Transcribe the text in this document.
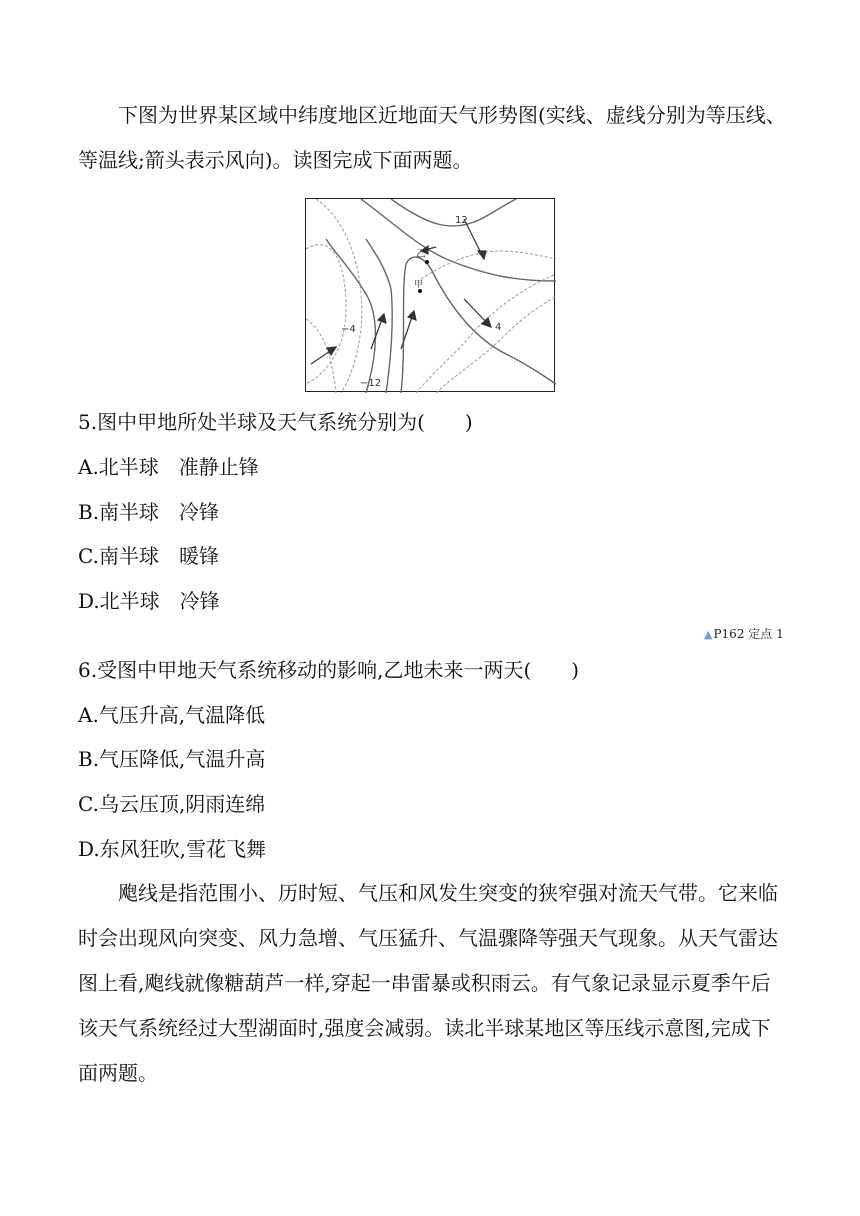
下图为世界某区域中纬度地区近地面天气形势图(实线、虚线分别为等压线、等温线;箭头表示风向)。读图完成下面两题。

12
4
−4
−12
乙
甲
5.图中甲地所处半球及天气系统分别为(　　)
A.北半球　准静止锋
B.南半球　冷锋
C.南半球　暖锋
D.北半球　冷锋
▲P162 定点 1
6.受图中甲地天气系统移动的影响,乙地未来一两天(　　)
A.气压升高,气温降低
B.气压降低,气温升高
C.乌云压顶,阴雨连绵
D.东风狂吹,雪花飞舞

飑线是指范围小、历时短、气压和风发生突变的狭窄强对流天气带。它来临时会出现风向突变、风力急增、气压猛升、气温骤降等强天气现象。从天气雷达图上看,飑线就像糖葫芦一样,穿起一串雷暴或积雨云。有气象记录显示夏季午后该天气系统经过大型湖面时,强度会减弱。读北半球某地区等压线示意图,完成下面两题。
